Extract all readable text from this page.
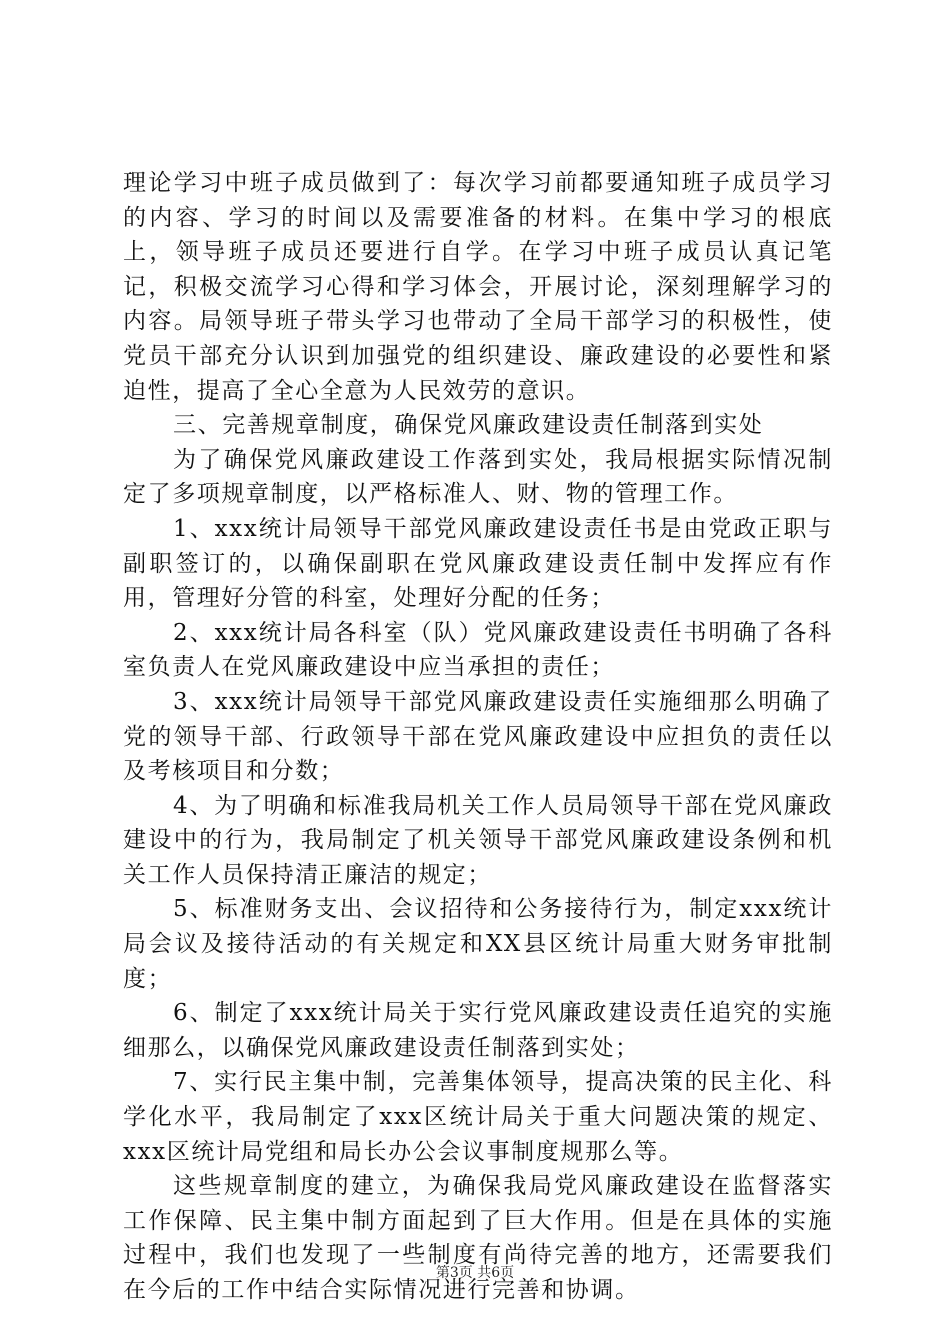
理论学习中班子成员做到了：每次学习前都要通知班子成员学习的内容、学习的时间以及需要准备的材料。在集中学习的根底上，领导班子成员还要进行自学。在学习中班子成员认真记笔记，积极交流学习心得和学习体会，开展讨论，深刻理解学习的内容。局领导班子带头学习也带动了全局干部学习的积极性，使党员干部充分认识到加强党的组织建设、廉政建设的必要性和紧迫性，提高了全心全意为人民效劳的意识。

三、完善规章制度，确保党风廉政建设责任制落到实处

为了确保党风廉政建设工作落到实处，我局根据实际情况制定了多项规章制度，以严格标准人、财、物的管理工作。

1、xxx统计局领导干部党风廉政建设责任书是由党政正职与副职签订的，以确保副职在党风廉政建设责任制中发挥应有作用，管理好分管的科室，处理好分配的任务；

2、xxx统计局各科室（队）党风廉政建设责任书明确了各科室负责人在党风廉政建设中应当承担的责任；

3、xxx统计局领导干部党风廉政建设责任实施细那么明确了党的领导干部、行政领导干部在党风廉政建设中应担负的责任以及考核项目和分数；

4、为了明确和标准我局机关工作人员局领导干部在党风廉政建设中的行为，我局制定了机关领导干部党风廉政建设条例和机关工作人员保持清正廉洁的规定；

5、标准财务支出、会议招待和公务接待行为，制定xxx统计局会议及接待活动的有关规定和XX县区统计局重大财务审批制度；

6、制定了xxx统计局关于实行党风廉政建设责任追究的实施细那么，以确保党风廉政建设责任制落到实处；

7、实行民主集中制，完善集体领导，提高决策的民主化、科学化水平，我局制定了xxx区统计局关于重大问题决策的规定、xxx区统计局党组和局长办公会议事制度规那么等。

这些规章制度的建立，为确保我局党风廉政建设在监督落实工作保障、民主集中制方面起到了巨大作用。但是在具体的实施过程中，我们也发现了一些制度有尚待完善的地方，还需要我们在今后的工作中结合实际情况进行完善和协调。

第3页 共6页
